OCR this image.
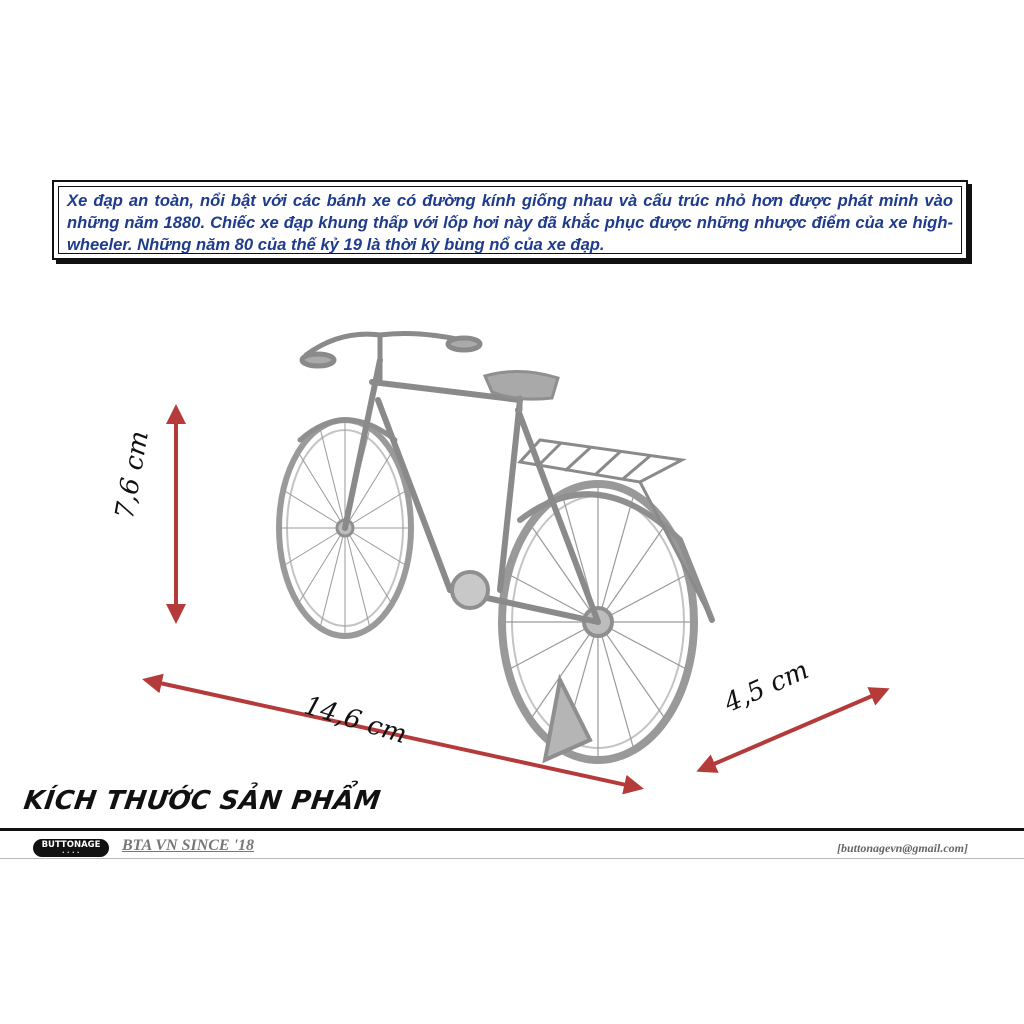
Xe đạp an toàn, nổi bật với các bánh xe có đường kính giống nhau và cấu trúc nhỏ hơn được phát minh vào những năm 1880. Chiếc xe đạp khung thấp với lốp hơi này đã khắc phục được những nhược điểm của xe high-wheeler. Những năm 80 của thế kỷ 19 là thời kỳ bùng nổ của xe đạp.
7,6 cm
14,6 cm
4,5 cm
KÍCH THƯỚC SẢN PHẨM
BUTTONAGE
• • • •	BTA VN SINCE '18	[buttonagevn@gmail.com]
